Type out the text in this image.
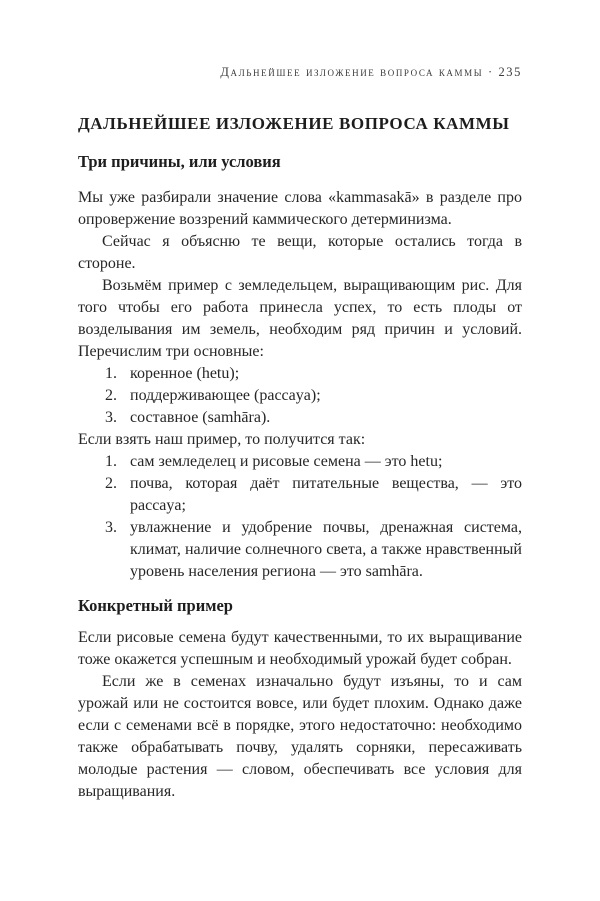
Дальнейшее изложение вопроса каммы · 235
ДАЛЬНЕЙШЕЕ ИЗЛОЖЕНИЕ ВОПРОСА КАММЫ
Три причины, или условия

Мы уже разбирали значение слова «kammasakā» в разделе про опровержение воззрений каммического детерминизма.

Сейчас я объясню те вещи, которые остались тогда в стороне.

Возьмём пример с земледельцем, выращивающим рис. Для того чтобы его работа принесла успех, то есть плоды от возделывания им земель, необходим ряд причин и условий. Перечислим три основные:

1. коренное (hetu);
2. поддерживающее (paccaya);
3. составное (samhāra).

Если взять наш пример, то получится так:

1. сам земледелец и рисовые семена — это hetu;
2. почва, которая даёт питательные вещества, — это paccaya;
3. увлажнение и удобрение почвы, дренажная система, климат, наличие солнечного света, а также нравственный уровень населения региона — это samhāra.
Конкретный пример

Если рисовые семена будут качественными, то их выращивание тоже окажется успешным и необходимый урожай будет собран.

Если же в семенах изначально будут изъяны, то и сам урожай или не состоится вовсе, или будет плохим. Однако даже если с семенами всё в порядке, этого недостаточно: необходимо также обрабатывать почву, удалять сорняки, пересаживать молодые растения — словом, обеспечивать все условия для выращивания.
